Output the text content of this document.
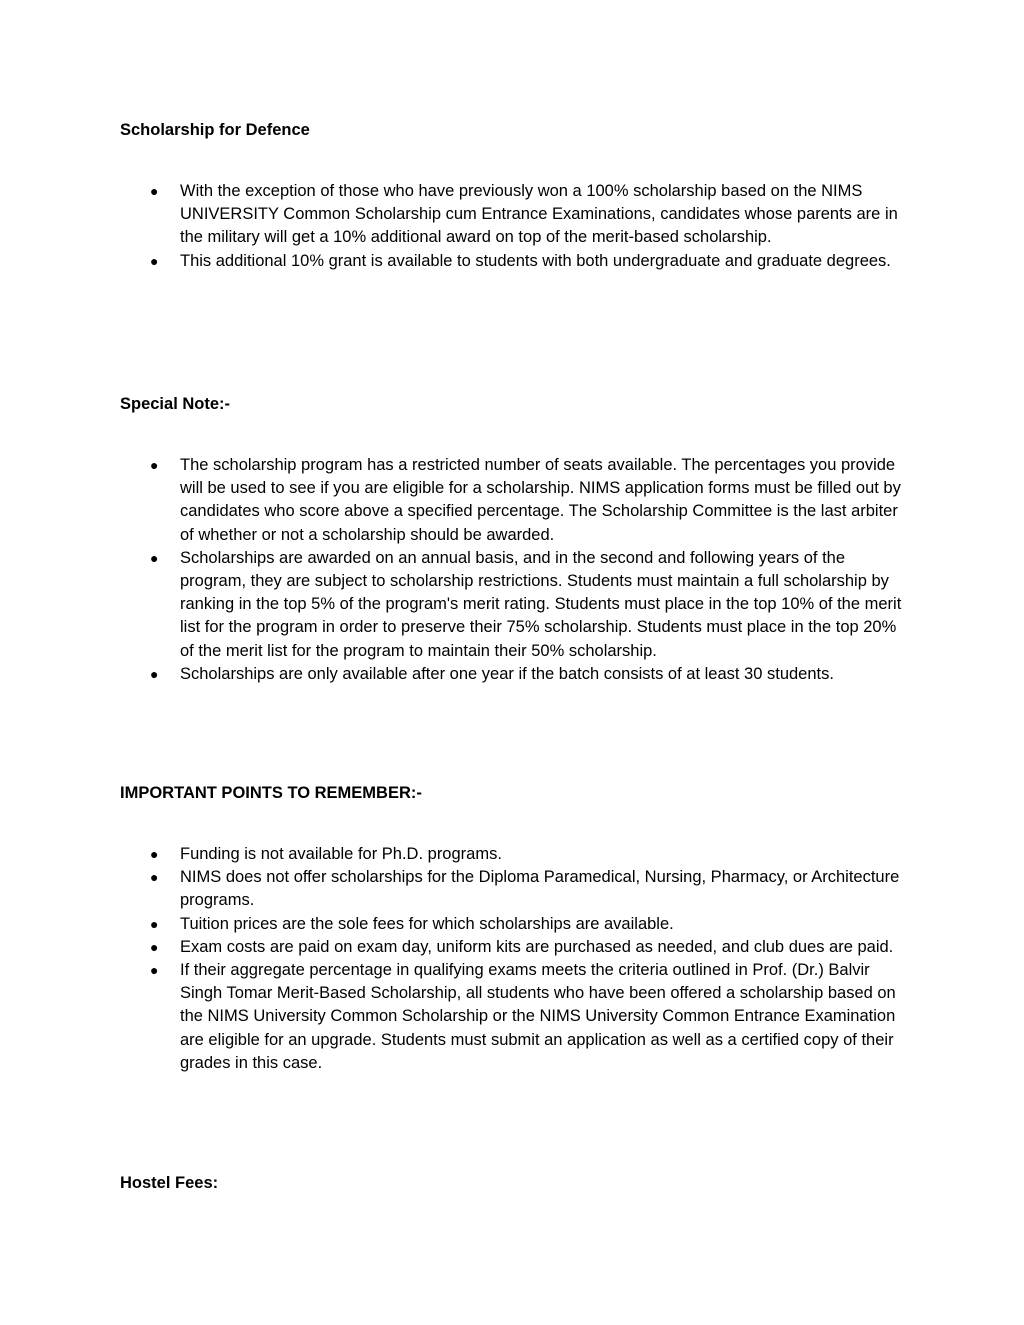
Scholarship for Defence

● With the exception of those who have previously won a 100% scholarship based on the NIMS UNIVERSITY Common Scholarship cum Entrance Examinations, candidates whose parents are in the military will get a 10% additional award on top of the merit-based scholarship.
● This additional 10% grant is available to students with both undergraduate and graduate degrees.

Special Note:-

● The scholarship program has a restricted number of seats available. The percentages you provide will be used to see if you are eligible for a scholarship. NIMS application forms must be filled out by candidates who score above a specified percentage. The Scholarship Committee is the last arbiter of whether or not a scholarship should be awarded.
● Scholarships are awarded on an annual basis, and in the second and following years of the program, they are subject to scholarship restrictions. Students must maintain a full scholarship by ranking in the top 5% of the program's merit rating. Students must place in the top 10% of the merit list for the program in order to preserve their 75% scholarship. Students must place in the top 20% of the merit list for the program to maintain their 50% scholarship.
● Scholarships are only available after one year if the batch consists of at least 30 students.

IMPORTANT POINTS TO REMEMBER:-

● Funding is not available for Ph.D. programs.
● NIMS does not offer scholarships for the Diploma Paramedical, Nursing, Pharmacy, or Architecture programs.
● Tuition prices are the sole fees for which scholarships are available.
● Exam costs are paid on exam day, uniform kits are purchased as needed, and club dues are paid.
● If their aggregate percentage in qualifying exams meets the criteria outlined in Prof. (Dr.) Balvir Singh Tomar Merit-Based Scholarship, all students who have been offered a scholarship based on the NIMS University Common Scholarship or the NIMS University Common Entrance Examination are eligible for an upgrade. Students must submit an application as well as a certified copy of their grades in this case.

Hostel Fees:
